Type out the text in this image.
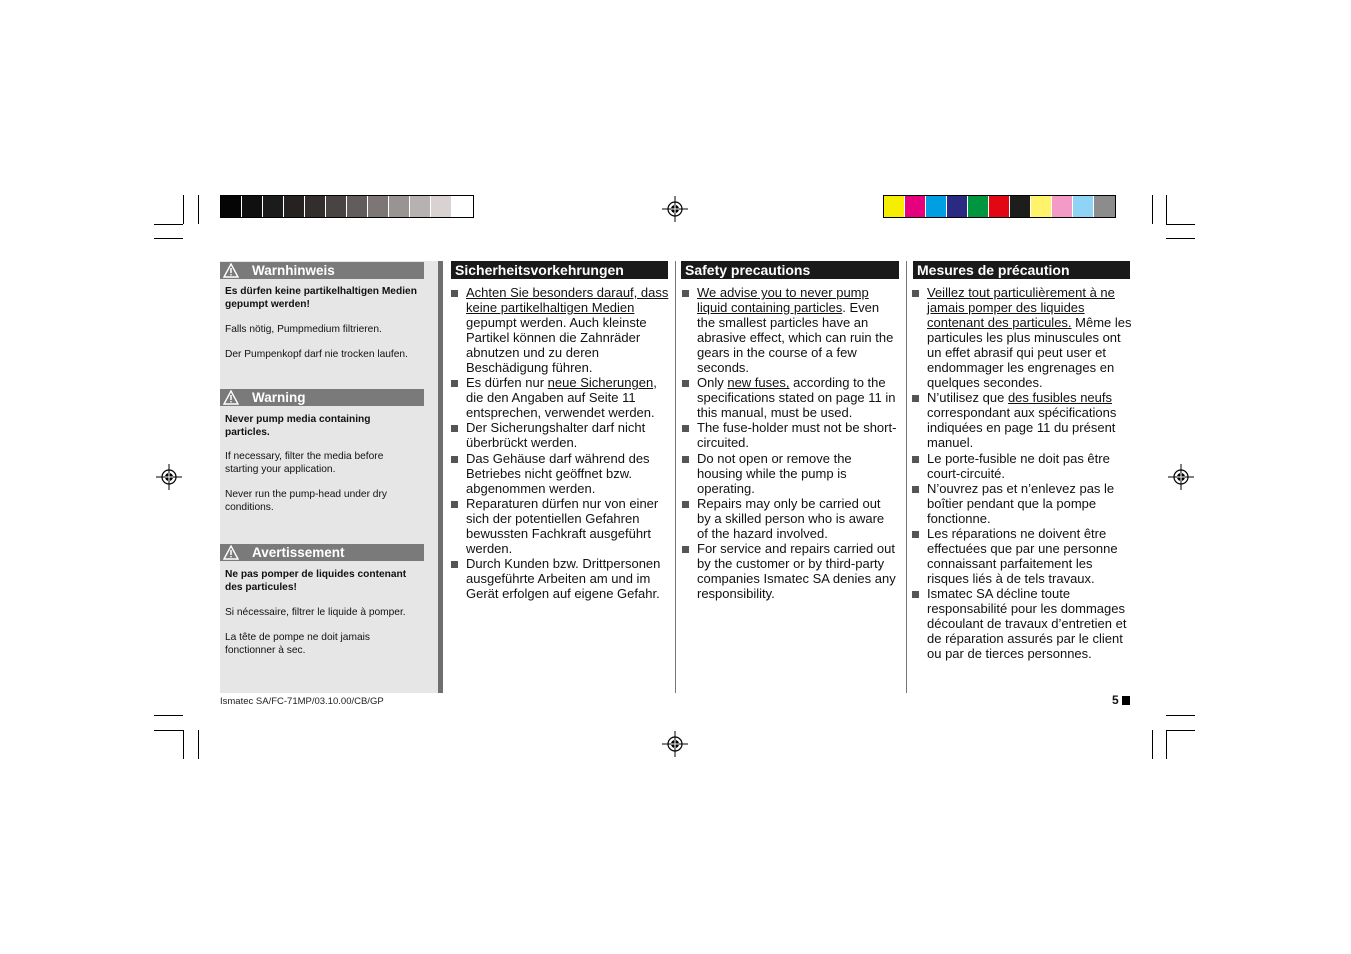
Warnhinweis
Es dürfen keine partikelhaltigen Medien gepumpt werden!
Falls nötig, Pumpmedium filtrieren.
Der Pumpenkopf darf nie trocken laufen.
Warning
Never pump media containing particles.
If necessary, filter the media before starting your application.
Never run the pump-head under dry conditions.
Avertissement
Ne pas pomper de liquides contenant des particules!
Si nécessaire, filtrer le liquide à pomper.
La tête de pompe ne doit jamais fonctionner à sec.
Sicherheitsvorkehrungen	Safety precautions	Mesures de précaution
Achten Sie besonders darauf, dass keine partikelhaltigen Medien gepumpt werden. Auch kleinste Partikel können die Zahnräder abnutzen und zu deren Beschädigung führen.
Es dürfen nur neue Sicherungen, die den Angaben auf Seite 11 entsprechen, verwendet werden.
Der Sicherungshalter darf nicht überbrückt werden.
Das Gehäuse darf während des Betriebes nicht geöffnet bzw. abgenommen werden.
Reparaturen dürfen nur von einer sich der potentiellen Gefahren bewussten Fachkraft ausgeführt werden.
Durch Kunden bzw. Drittpersonen ausgeführte Arbeiten am und im Gerät erfolgen auf eigene Gefahr.
We advise you to never pump liquid containing particles. Even the smallest particles have an abrasive effect, which can ruin the gears in the course of a few seconds.
Only new fuses, according to the specifications stated on page 11 in this manual, must be used.
The fuse-holder must not be short-circuited.
Do not open or remove the housing while the pump is operating.
Repairs may only be carried out by a skilled person who is aware of the hazard involved.
For service and repairs carried out by the customer or by third-party companies Ismatec SA denies any responsibility.
Veillez tout particulièrement à ne jamais pomper des liquides contenant des particules. Même les particules les plus minuscules ont un effet abrasif qui peut user et endommager les engrenages en quelques secondes.
N’utilisez que des fusibles neufs correspondant aux spécifications indiquées en page 11 du présent manuel.
Le porte-fusible ne doit pas être court-circuité.
N’ouvrez pas et n’enlevez pas le boîtier pendant que la pompe fonctionne.
Les réparations ne doivent être effectuées que par une personne connaissant parfaitement les risques liés à de tels travaux.
Ismatec SA décline toute responsabilité pour les dommages découlant de travaux d’entretien et de réparation assurés par le client ou par de tierces personnes.
Ismatec SA/FC-71MP/03.10.00/CB/GP	5
